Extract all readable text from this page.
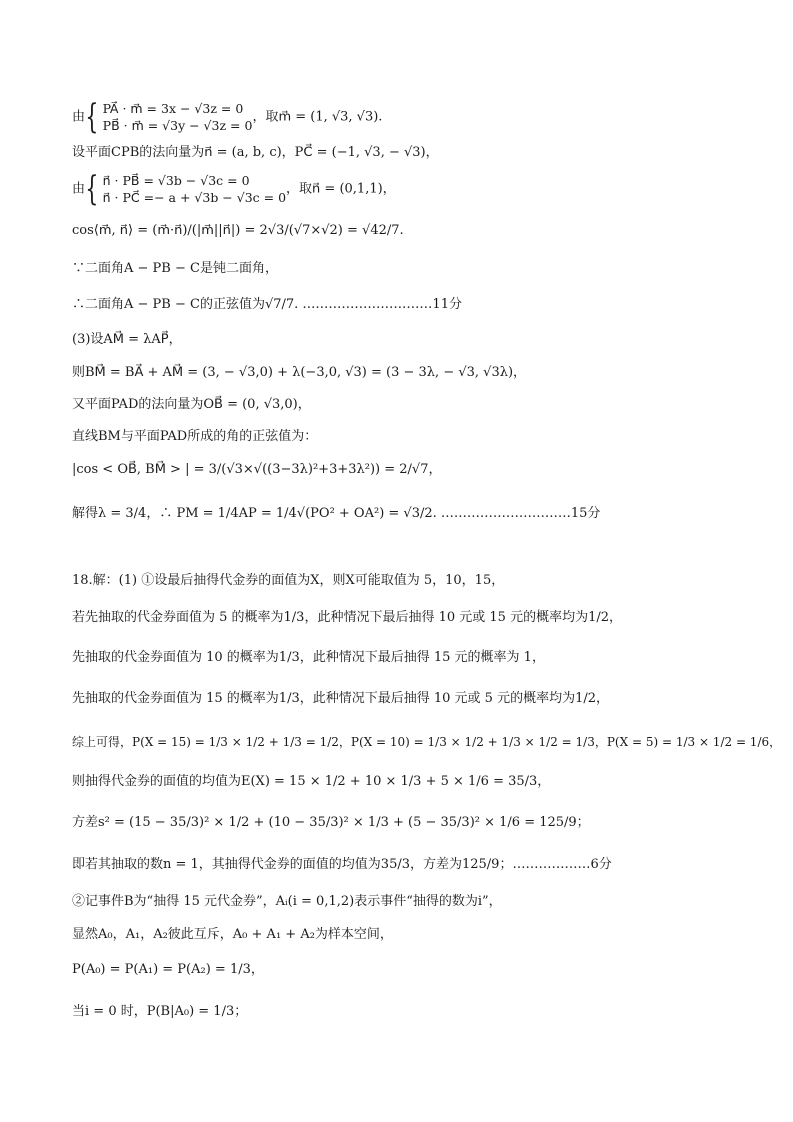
由 { PA⃗ · m⃗ = 3x − √3z = 0
PB⃗ · m⃗ = √3y − √3z = 0
，取m⃗ = (1, √3, √3).
设平面CPB的法向量为n⃗ = (a, b, c)，PC⃗ = (−1, √3, − √3)，
由 { n⃗ · PB⃗ = √3b − √3c = 0
n⃗ · PC⃗ =− a + √3b − √3c = 0
，取n⃗ = (0,1,1)，
cos⟨m⃗, n⃗⟩ = (m⃗·n⃗)/(|m⃗||n⃗|) = 2√3/(√7×√2) = √42/7.
∵二面角A − PB − C是钝二面角，
∴二面角A − PB − C的正弦值为√7/7. …………………………11分
(3)设AM⃗ = λAP⃗，
则BM⃗ = BA⃗ + AM⃗ = (3, − √3,0) + λ(−3,0, √3) = (3 − 3λ, − √3, √3λ)，
又平面PAD的法向量为OB⃗ = (0, √3,0)，
直线BM与平面PAD所成的角的正弦值为：
|cos < OB⃗, BM⃗ > | = 3/(√3×√((3−3λ)²+3+3λ²)) = 2/√7，
解得λ = 3/4，∴ PM = 1/4AP = 1/4√(PO² + OA²) = √3/2. …………………………15分
18.解：(1) ①设最后抽得代金券的面值为X，则X可能取值为 5，10，15，
若先抽取的代金券面值为 5 的概率为1/3，此种情况下最后抽得 10 元或 15 元的概率均为1/2，
先抽取的代金券面值为 10 的概率为1/3，此种情况下最后抽得 15 元的概率为 1，
先抽取的代金券面值为 15 的概率为1/3，此种情况下最后抽得 10 元或 5 元的概率均为1/2，
综上可得，P(X = 15) = 1/3 × 1/2 + 1/3 = 1/2，P(X = 10) = 1/3 × 1/2 + 1/3 × 1/2 = 1/3，P(X = 5) = 1/3 × 1/2 = 1/6，
则抽得代金券的面值的均值为E(X) = 15 × 1/2 + 10 × 1/3 + 5 × 1/6 = 35/3，
方差s² = (15 − 35/3)² × 1/2 + (10 − 35/3)² × 1/3 + (5 − 35/3)² × 1/6 = 125/9；
即若其抽取的数n = 1，其抽得代金券的面值的均值为35/3，方差为125/9；………………6分
②记事件B为“抽得 15 元代金券”，Aᵢ(i = 0,1,2)表示事件“抽得的数为i”，
显然A₀，A₁，A₂彼此互斥，A₀ + A₁ + A₂为样本空间，
P(A₀) = P(A₁) = P(A₂) = 1/3，
当i = 0 时，P(B|A₀) = 1/3；
